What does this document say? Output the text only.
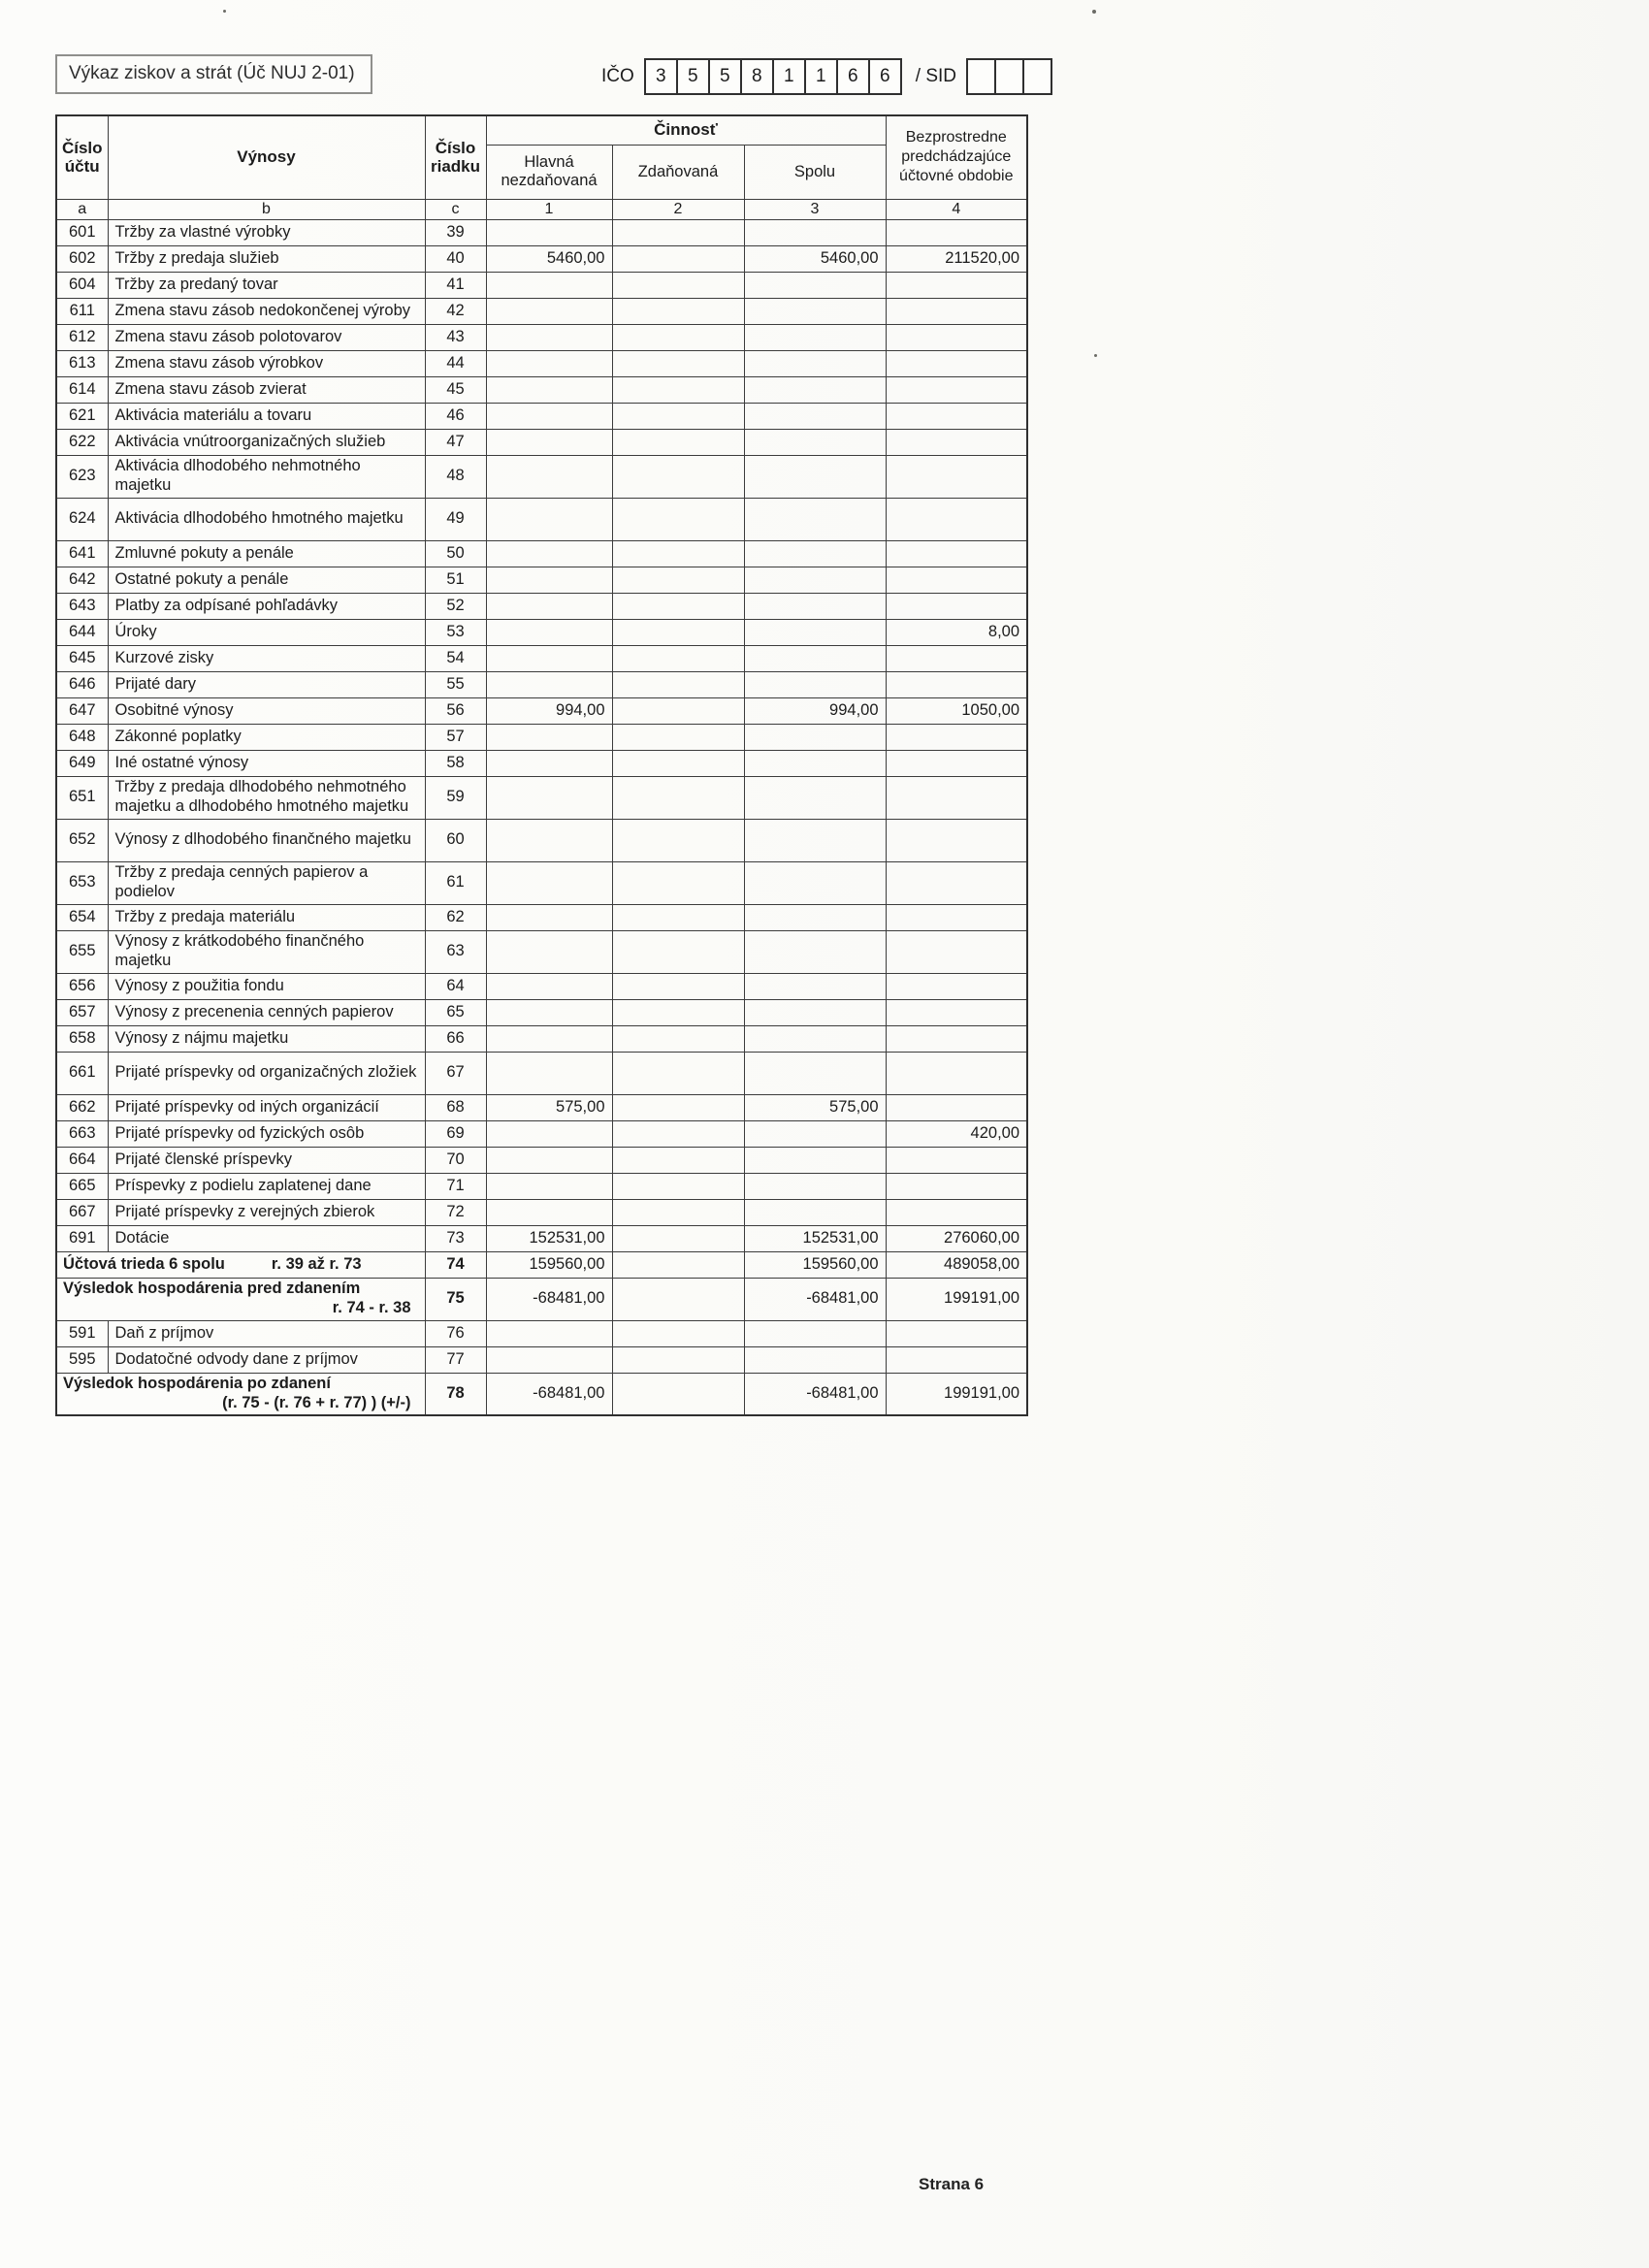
Výkaz ziskov a strát (Úč NUJ 2-01)	IČO	3	5	5	8	1	1	6	6	/ SID
Číslo účtu	Výnosy	Číslo riadku	Činnosť			Bezprostredne predchádzajúce účtovné obdobie
			Hlavná nezdaňovaná	Zdaňovaná	Spolu	
a	b	c	1	2	3	4
601	Tržby za vlastné výrobky	39				
602	Tržby z predaja služieb	40	5460,00		5460,00	211520,00
604	Tržby za predaný tovar	41				
611	Zmena stavu zásob nedokončenej výroby	42				
612	Zmena stavu zásob polotovarov	43				
613	Zmena stavu zásob výrobkov	44				
614	Zmena stavu zásob zvierat	45				
621	Aktivácia materiálu a tovaru	46				
622	Aktivácia vnútroorganizačných služieb	47				
623	Aktivácia dlhodobého nehmotného majetku	48				
624	Aktivácia dlhodobého hmotného majetku	49				
641	Zmluvné pokuty a penále	50				
642	Ostatné pokuty a penále	51				
643	Platby za odpísané pohľadávky	52				
644	Úroky	53				8,00
645	Kurzové zisky	54				
646	Prijaté dary	55				
647	Osobitné výnosy	56	994,00		994,00	1050,00
648	Zákonné poplatky	57				
649	Iné ostatné výnosy	58				
651	Tržby z predaja dlhodobého nehmotného majetku a dlhodobého hmotného majetku	59				
652	Výnosy z dlhodobého finančného majetku	60				
653	Tržby z predaja cenných papierov a podielov	61				
654	Tržby z predaja materiálu	62				
655	Výnosy z krátkodobého finančného majetku	63				
656	Výnosy z použitia fondu	64				
657	Výnosy z precenenia cenných papierov	65				
658	Výnosy z nájmu majetku	66				
661	Prijaté príspevky od organizačných zložiek	67				
662	Prijaté príspevky od iných organizácií	68	575,00		575,00	
663	Prijaté príspevky od fyzických osôb	69				420,00
664	Prijaté členské príspevky	70				
665	Príspevky z podielu zaplatenej dane	71				
667	Prijaté príspevky z verejných zbierok	72				
691	Dotácie	73	152531,00		152531,00	276060,00

Účtová trieda 6 spolu r. 39 až r. 73		74	159560,00		159560,00	489058,00

Výsledok hospodárenia pred zdanením
r. 74 - r. 38		75	-68481,00		-68481,00	199191,00
591	Daň z príjmov	76				
595	Dodatočné odvody dane z príjmov	77				

Výsledok hospodárenia po zdanení
(r. 75 - (r. 76 + r. 77) ) (+/-)		78	-68481,00		-68481,00	199191,00
Strana 6
